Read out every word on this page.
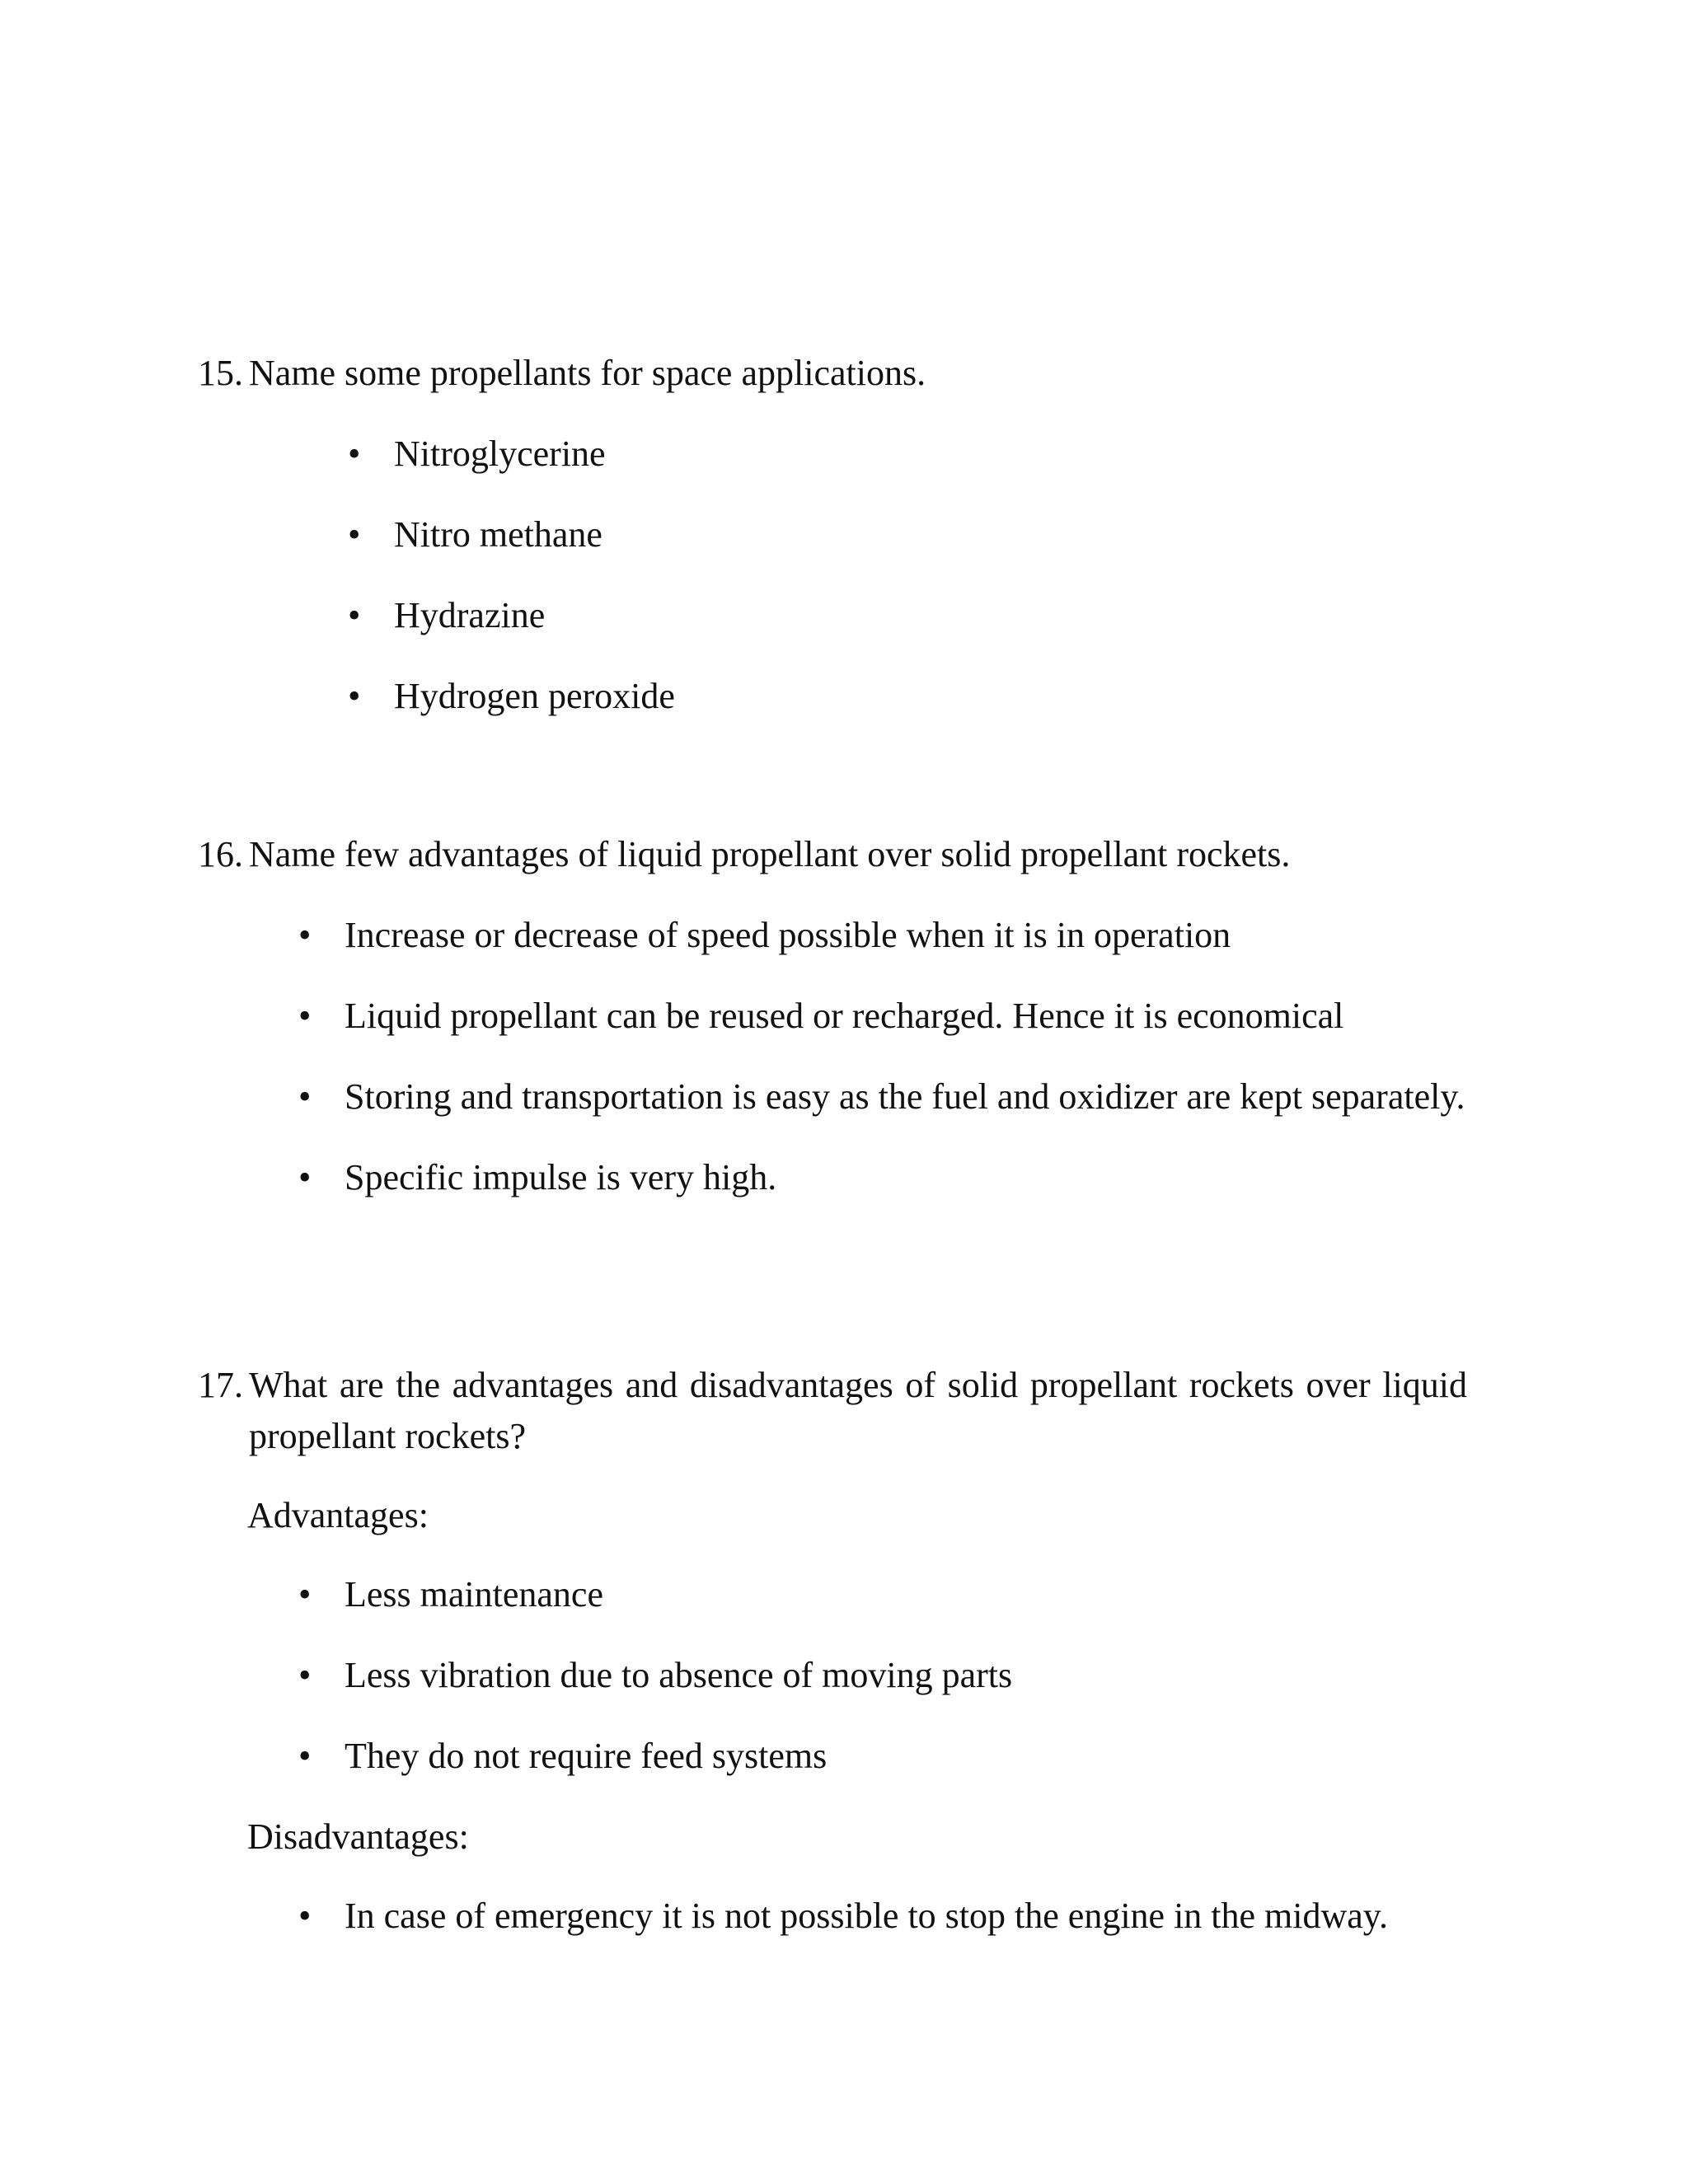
15. Name some propellants for space applications.
• Nitroglycerine
• Nitro methane
• Hydrazine
• Hydrogen peroxide
16. Name few advantages of liquid propellant over solid propellant rockets.
• Increase or decrease of speed possible when it is in operation
• Liquid propellant can be reused or recharged. Hence it is economical
• Storing and transportation is easy as the fuel and oxidizer are kept separately.
• Specific impulse is very high.
17. What are the advantages and disadvantages of solid propellant rockets over liquid propellant rockets?
Advantages:
• Less maintenance
• Less vibration due to absence of moving parts
• They do not require feed systems
Disadvantages:
• In case of emergency it is not possible to stop the engine in the midway.
